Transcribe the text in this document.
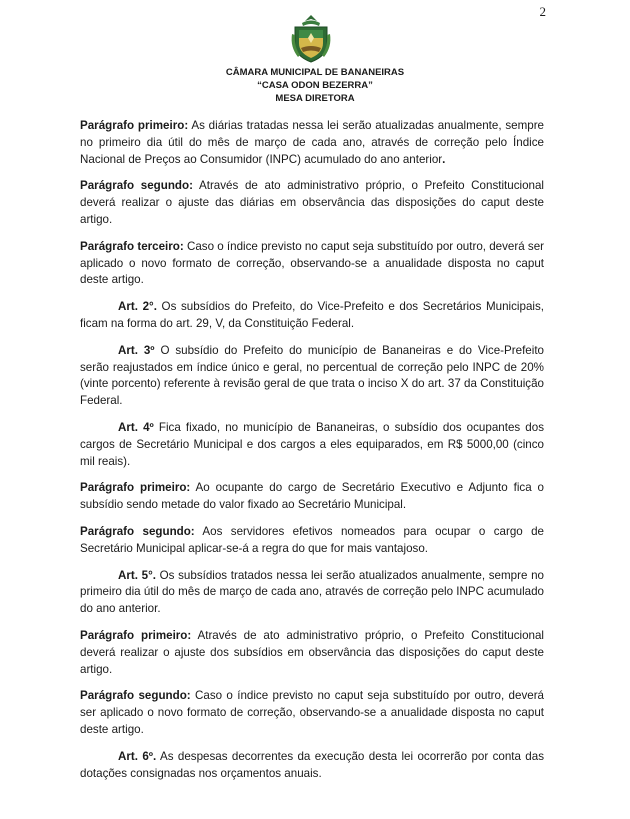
2
CÂMARA MUNICIPAL DE BANANEIRAS
“CASA ODON BEZERRA”
MESA DIRETORA

Parágrafo primeiro: As diárias tratadas nessa lei serão atualizadas anualmente, sempre no primeiro dia útil do mês de março de cada ano, através de correção pelo Índice Nacional de Preços ao Consumidor (INPC) acumulado do ano anterior.

Parágrafo segundo: Através de ato administrativo próprio, o Prefeito Constitucional deverá realizar o ajuste das diárias em observância das disposições do caput deste artigo.

Parágrafo terceiro: Caso o índice previsto no caput seja substituído por outro, deverá ser aplicado o novo formato de correção, observando-se a anualidade disposta no caput deste artigo.

Art. 2°. Os subsídios do Prefeito, do Vice-Prefeito e dos Secretários Municipais, ficam na forma do art. 29, V, da Constituição Federal.

Art. 3º O subsídio do Prefeito do município de Bananeiras e do Vice-Prefeito serão reajustados em índice único e geral, no percentual de correção pelo INPC de 20% (vinte porcento) referente à revisão geral de que trata o inciso X do art. 37 da Constituição Federal.

Art. 4º Fica fixado, no município de Bananeiras, o subsídio dos ocupantes dos cargos de Secretário Municipal e dos cargos a eles equiparados, em R$ 5000,00 (cinco mil reais).

Parágrafo primeiro: Ao ocupante do cargo de Secretário Executivo e Adjunto fica o subsídio sendo metade do valor fixado ao Secretário Municipal.

Parágrafo segundo: Aos servidores efetivos nomeados para ocupar o cargo de Secretário Municipal aplicar-se-á a regra do que for mais vantajoso.

Art. 5°. Os subsídios tratados nessa lei serão atualizados anualmente, sempre no primeiro dia útil do mês de março de cada ano, através de correção pelo INPC acumulado do ano anterior.

Parágrafo primeiro: Através de ato administrativo próprio, o Prefeito Constitucional deverá realizar o ajuste dos subsídios em observância das disposições do caput deste artigo.

Parágrafo segundo: Caso o índice previsto no caput seja substituído por outro, deverá ser aplicado o novo formato de correção, observando-se a anualidade disposta no caput deste artigo.

Art. 6º. As despesas decorrentes da execução desta lei ocorrerão por conta das dotações consignadas nos orçamentos anuais.
